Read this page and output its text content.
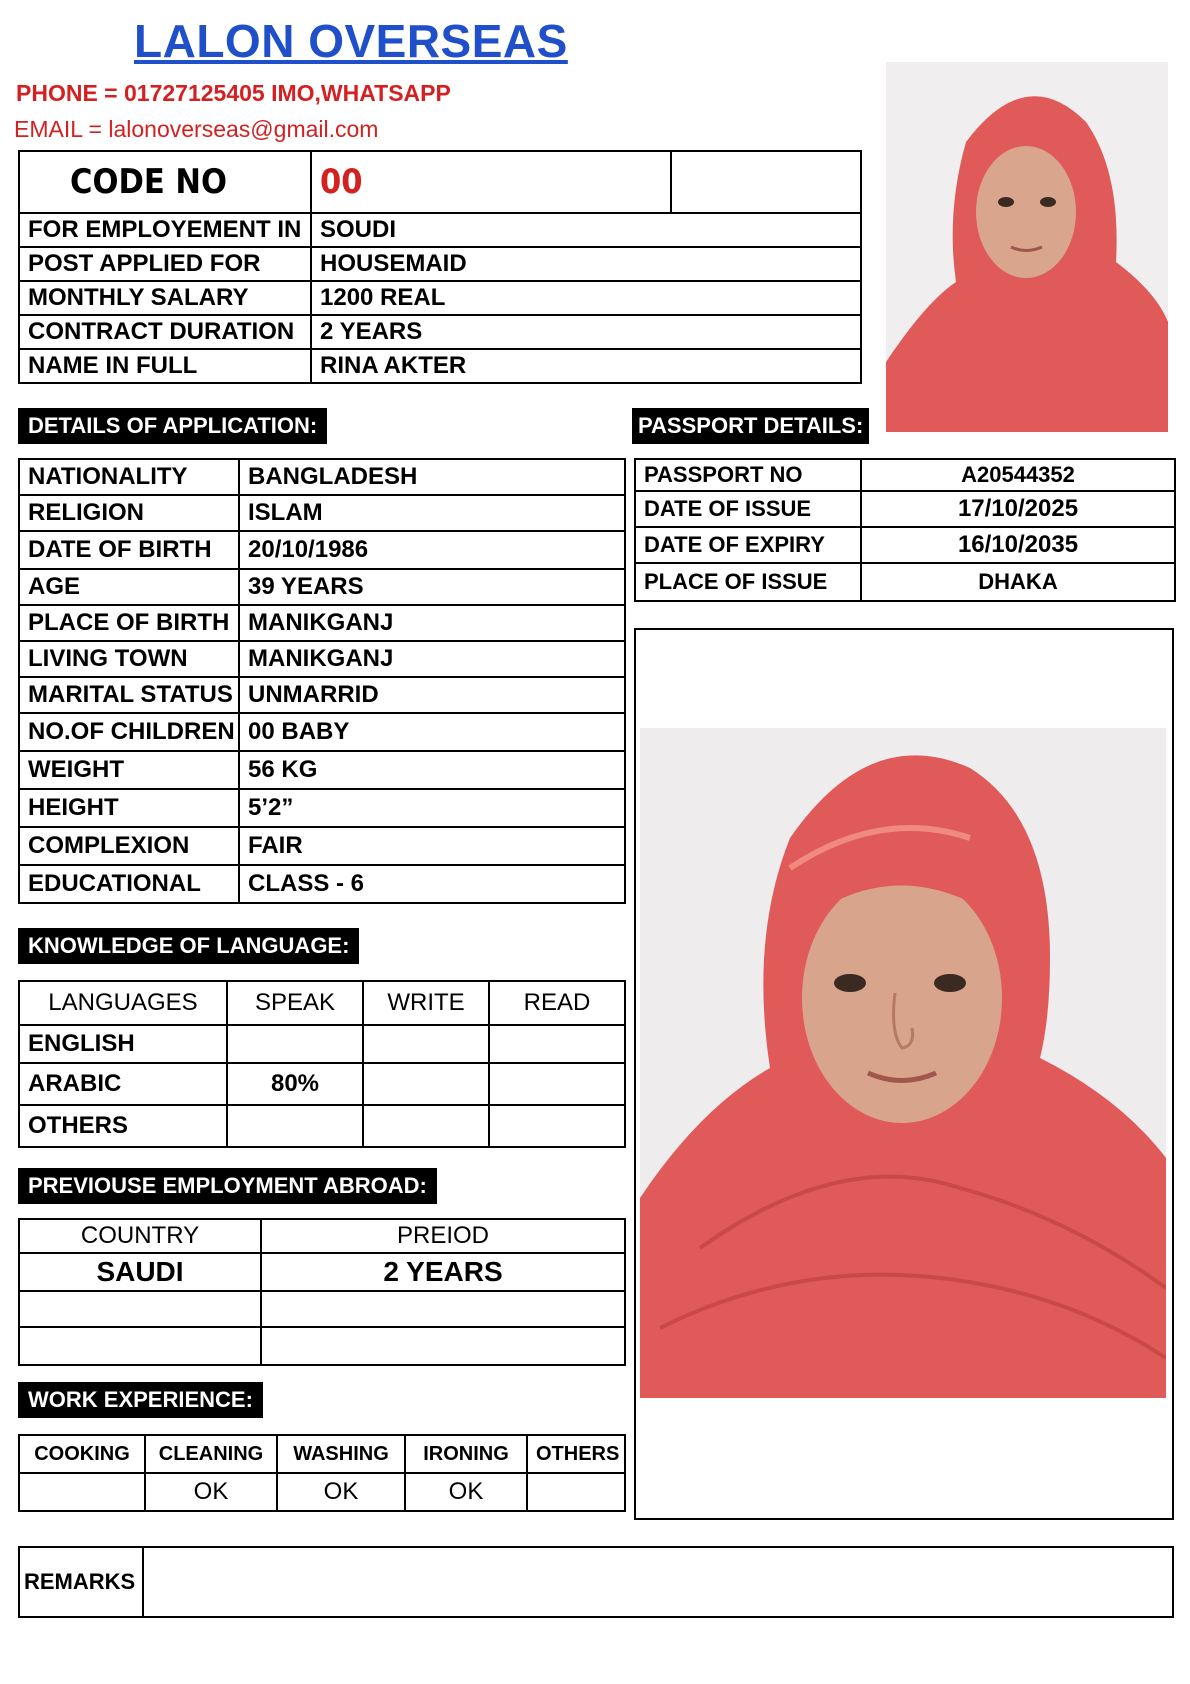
LALON OVERSEAS
PHONE = 01727125405 IMO,WHATSAPP
EMAIL = lalonoverseas@gmail.com
CODE NO	00	
FOR EMPLOYEMENT IN	SOUDI	
POST APPLIED FOR	HOUSEMAID	
MONTHLY SALARY	1200 REAL	
CONTRACT DURATION	2 YEARS	
NAME IN FULL	RINA AKTER	
DETAILS OF APPLICATION:
NATIONALITY	BANGLADESH
RELIGION	ISLAM
DATE OF BIRTH	20/10/1986
AGE	39 YEARS
PLACE OF BIRTH	MANIKGANJ
LIVING TOWN	MANIKGANJ
MARITAL STATUS	UNMARRID
NO.OF CHILDREN	00 BABY
WEIGHT	56 KG
HEIGHT	5’2”
COMPLEXION	FAIR
EDUCATIONAL	CLASS - 6
PASSPORT DETAILS:
PASSPORT NO	A20544352
DATE OF ISSUE	17/10/2025
DATE OF EXPIRY	16/10/2035
PLACE OF ISSUE	DHAKA
KNOWLEDGE OF LANGUAGE:
LANGUAGES	SPEAK	WRITE	READ
ENGLISH			
ARABIC	80%		
OTHERS			
PREVIOUSE EMPLOYMENT ABROAD:
COUNTRY	PREIOD
SAUDI	2 YEARS

WORK EXPERIENCE:
COOKING	CLEANING	WASHING	IRONING	OTHERS
	OK	OK	OK	
REMARKS	
